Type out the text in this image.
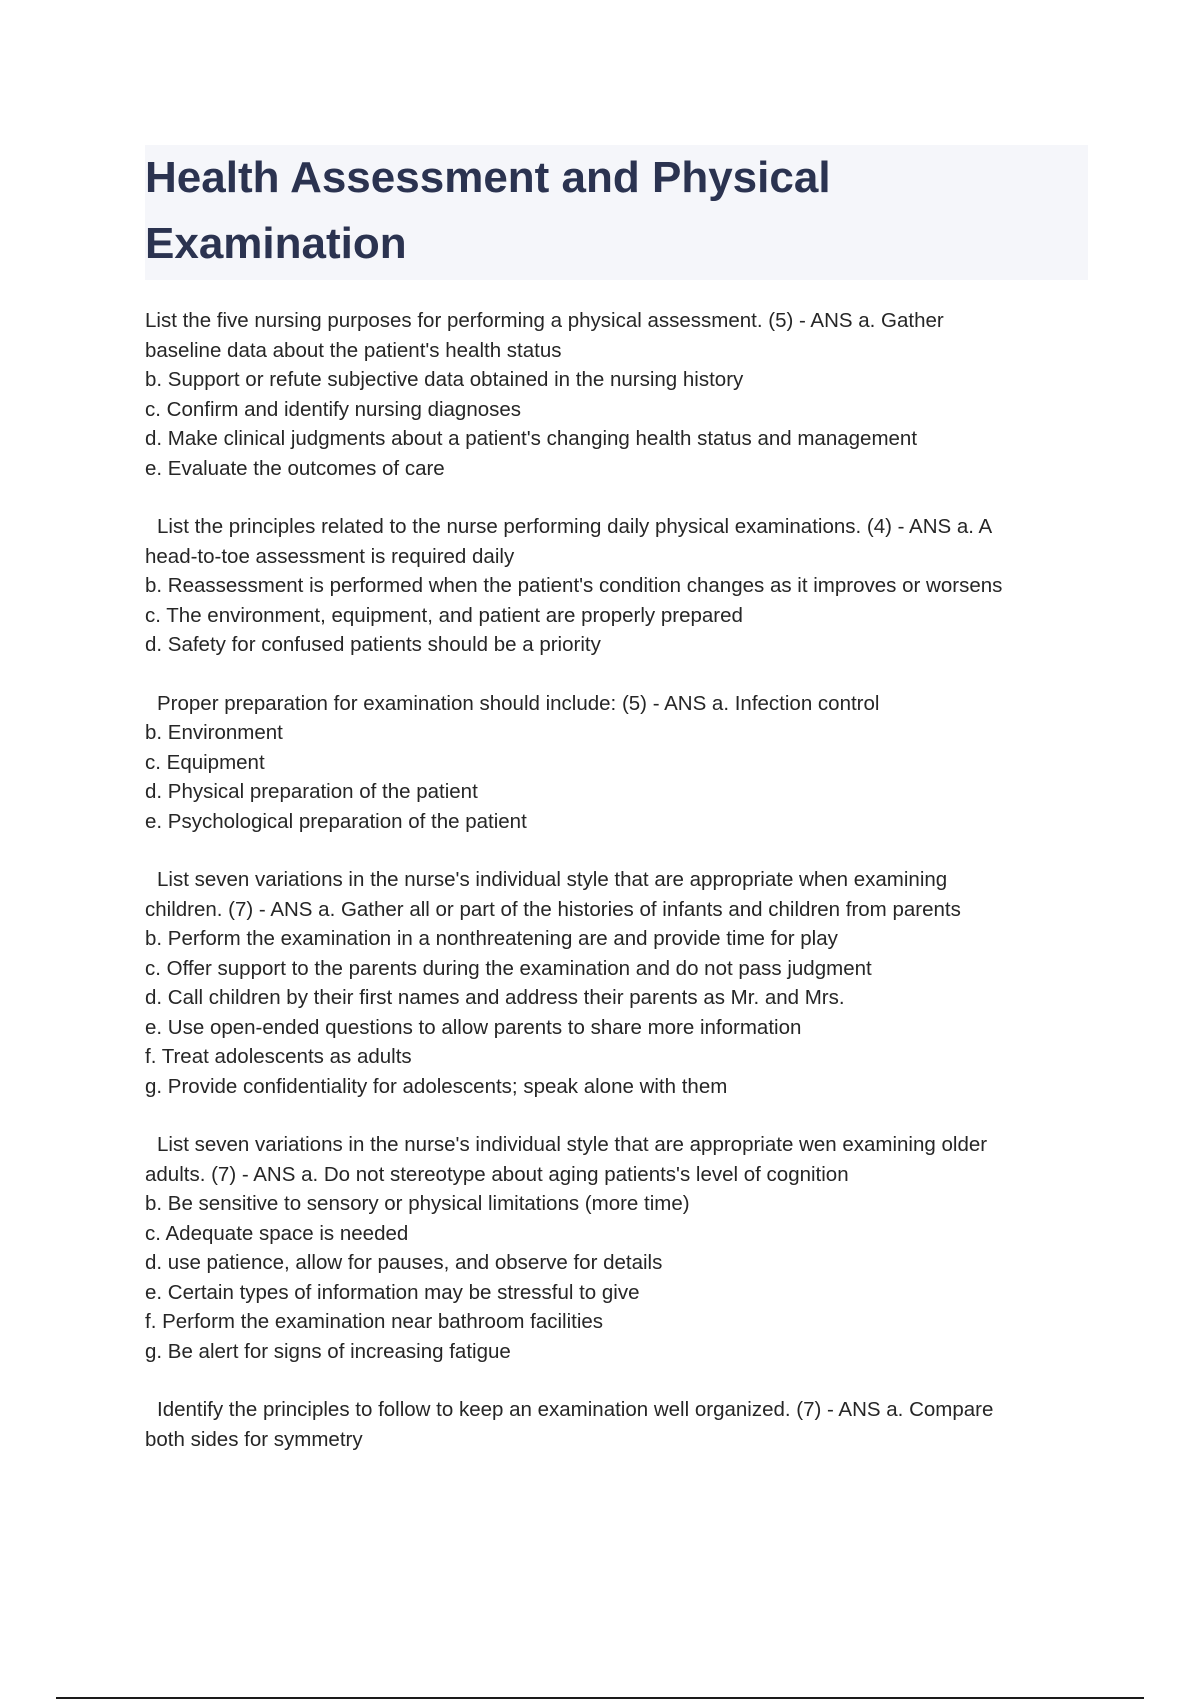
Health Assessment and Physical
Examination
List the five nursing purposes for performing a physical assessment. (5) - ANS a. Gather
baseline data about the patient's health status
b. Support or refute subjective data obtained in the nursing history
c. Confirm and identify nursing diagnoses
d. Make clinical judgments about a patient's changing health status and management
e. Evaluate the outcomes of care
List the principles related to the nurse performing daily physical examinations. (4) - ANS a. A
head-to-toe assessment is required daily
b. Reassessment is performed when the patient's condition changes as it improves or worsens
c. The environment, equipment, and patient are properly prepared
d. Safety for confused patients should be a priority
Proper preparation for examination should include: (5) - ANS a. Infection control
b. Environment
c. Equipment
d. Physical preparation of the patient
e. Psychological preparation of the patient
List seven variations in the nurse's individual style that are appropriate when examining
children. (7) - ANS a. Gather all or part of the histories of infants and children from parents
b. Perform the examination in a nonthreatening are and provide time for play
c. Offer support to the parents during the examination and do not pass judgment
d. Call children by their first names and address their parents as Mr. and Mrs.
e. Use open-ended questions to allow parents to share more information
f. Treat adolescents as adults
g. Provide confidentiality for adolescents; speak alone with them
List seven variations in the nurse's individual style that are appropriate wen examining older
adults. (7) - ANS a. Do not stereotype about aging patients's level of cognition
b. Be sensitive to sensory or physical limitations (more time)
c. Adequate space is needed
d. use patience, allow for pauses, and observe for details
e. Certain types of information may be stressful to give
f. Perform the examination near bathroom facilities
g. Be alert for signs of increasing fatigue
Identify the principles to follow to keep an examination well organized. (7) - ANS a. Compare
both sides for symmetry
